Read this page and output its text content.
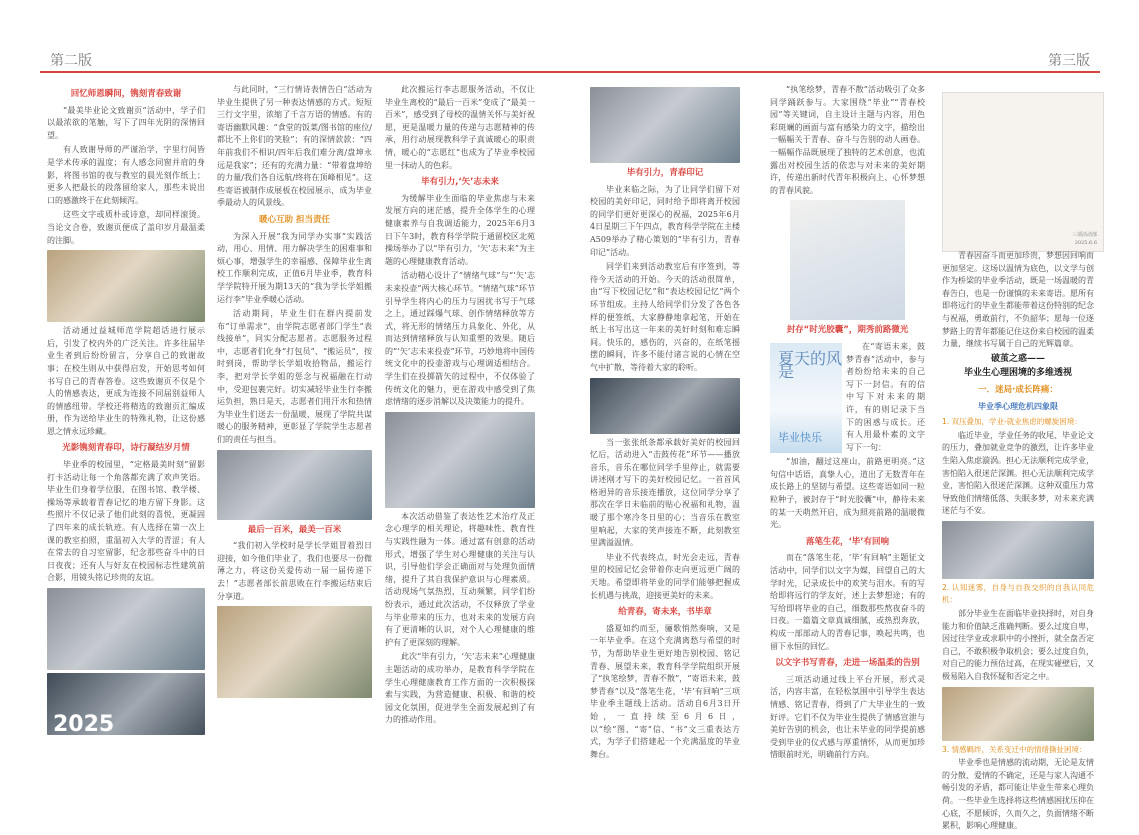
第二版	第三版
回忆师恩瞬间，镌刻青春致谢

“最美毕业论文致谢页”活动中，学子们以最浓欲的笔触，写下了四年光阴的深情回望。

有人致谢导师的严谨治学，字里行间皆是学术传承的温度；有人感念同窗并肩的身影，将图书馆的夜与教室的晨光刻作纸上；更多人把最长的段落留给家人，那些未说出口的感激终于在此刻倾泻。

这些文字或质朴或诗意，却同样滚烫。当论文合卷，致谢页便成了盖印岁月最温柔的注脚。

活动通过益城师范学院超话进行展示后，引发了校内外的广泛关注。许多往届毕业生者到后纷纷留言，分享自己的致谢故事；在校生则从中获得启发，开始思考如何书写自己的青春答卷。这些致谢页不仅是个人的情感表达，更成为连接不同届别益师人的情感纽带。学校还将精选的致谢页汇编成册，作为送给毕业生的特殊礼物，让这份感恩之情永远珍藏。

光影镌刻青春印，诗行凝结岁月情

毕业季的校园里，“定格最美时刻”留影打卡活动让每一个角落都充满了欢声笑语。毕业生们身着学位服，在图书馆、教学楼、操场等承载着青春记忆的地方留下身影。这些照片不仅记录了他们此刻的喜悦，更凝固了四年来的成长轨迹。有人选择在第一次上课的教室拍照，重温初入大学的青涩；有人在常去的自习室留影，纪念那些奋斗中的日日夜夜；还有人与好友在校园标志性建筑前合影，用镜头铭记珍贵的友谊。

2025

与此同时，“三行情诗表情告白”活动为毕业生提供了另一种表达情感的方式。短短三行文字里，浓缩了千言万语的情感。有的寄语幽默风趣：“食堂的饭菜/图书馆的座位/都比不上你们的笑脸”；有的深情款款：“四年前我们不相识/四年后我们难分离/盘坤永远是我家”；还有的充满力量：“带着盘坤给的力量/我们各自远航/终将在顶峰相见”。这些寄语被制作成展板在校园展示，成为毕业季最动人的风景线。

暖心互助 担当责任

为深入开展“我为同学办实事”实践活动，用心、用情、用力解决学生的困难事和烦心事，增强学生的幸福感、保障毕业生离校工作顺利完成，正值6月毕业季，教育科学学院特开展为期13天的“我为学长学姐搬运行李”毕业季暖心活动。

活动期间，毕业生们在群内提前发布“订单需求”，由学院志愿者部门学生“表线接单”，同实分配志愿者。志愿服务过程中，志愿者们化身“打包员”、“搬运员”，按时到岗，帮助学长学姐收拾物品，搬运行李，把对学长学姐的惩念与祝福融在行动中，受迎包裹完好。切实减轻毕业生行李搬运负担，熟日是天，志愿者们用汗水和热情为毕业生们送去一份温暖，展现了学院共谋暖心的服务精神，更彰显了学院学生志愿者们的责任与担当。

最后一百米，最美一百米

“我们初入学校时是学长学姐冒着烈日迎接，如今他们毕业了，我们也要尽一份微薄之力，将这份关爱传动一届一届传递下去！”志愿者部长前思败在行李搬运结束后分享道。

此次搬运行李志愿服务活动，不仅让毕业生离校的“最后一百米”变成了“最美一百米”，感受到了母校的温情关怀与美好祝愿，更是温暖力量的传递与志愿精神的传承，用行动展现教科学子真诚暖心的职责情，暖心的“志愿红”也成为了毕业季校园里一抹动人的色彩。

毕有引力,‘矢’志未来

为缓解毕业生面临的毕业焦虑与未来发展方向的迷茫感，提升全体学生的心理健康素养与自我调适能力，2025年6月3日下午3时，教育科学学院于通留校区北苑操场举办了以“毕有引力，‘矢’志未来”为主题的心理健康教育活动。

活动精心设计了“情绪气球”与“‘矢’志未来投壶”两大核心环节。“情绪气球”环节引导学生将内心的压力与困扰书写于气球之上，通过踩爆气球、创作情绪释放等方式，将无形的情绪压力具象化、外化，从而达到情绪释放与认知重塑的效果。随后的“‘矢’志未来投壶”环节，巧妙地将中国传统文化中的投壶游戏与心理调适相结合。学生们在投掷箭矢的过程中，不仅体验了传统文化的魅力，更在游戏中感受到了焦虑情绪的逐步消解以及决策能力的提升。

本次活动借鉴了表达性艺术治疗及正念心理学的相关理论，将趣味性、教育性与实践性融为一体。通过富有创意的活动形式，增强了学生对心理健康的关注与认识，引导他们学会正确面对与处理负面情绪，提升了其自我保护意识与心理素质。活动现场气氛热烈，互动频繁，同学们纷纷表示，通过此次活动，不仅释放了学业与毕业带来的压力，也对未来的发展方向有了更清晰的认识，对个人心理健康的维护有了更深刻的理解。

此次“毕有引力，‘矢’志未来”心理健康主题活动的成功举办，是教育科学学院在学生心理健康教育工作方面的一次积极探索与实践，为营造健康、积极、和谐的校园文化氛围，促进学生全面发展起到了有力的推动作用。

毕有引力，青春印记

毕业来临之际，为了让同学们留下对校园的美好印记，同时给予即将离开校园的同学们更好更深心的祝福，2025年6月4日星期三下午四点，教育科学学院在主楼A509举办了精心策划的“毕有引力，青春印记”活动。

同学们来到活动教室后有序签到，等待今天活动的开始。今天的活动很简单，由“写下校园记忆”和“表达校园记忆”两个环节组成。主持人给同学们分发了各色各样的便签纸，大家静静地拿起笔，开始在纸上书写出这一年来的美好时刻和难忘瞬间。快乐的，感伤的，兴奋的，在纸笔摇摆的瞬间，许多不能付诸言说的心情在空气中扩散，等待着大家的聆听。

当一张张纸条都承载好美好的校园回忆后，活动进入“击鼓传花”环节——播放音乐，音乐在哪位同学手里停止，就需要讲述刚才写下的美好校园记忆。一首首风格迥异的音乐接连播放，这位同学分享了那次在学日未临前的贴心祝福和礼物，温暖了那个寒冷冬日里的心；当音乐在教室里响起，大家的笑声接连不断，此刻教室里满溢温情。

毕业不代表终点，时光会走远，青春里的校园记忆会带着你走向更远更广阔的天地。希望即将毕业的同学们能够把握成长机遇与挑战，迎接更美好的未来。

给青春，寄未来，书毕章

盛夏如约而至，骊歌悄然奏响，又是一年毕业季。在这个充满离愁与希望的时节，为帮助毕业生更好地告别校园、铭记青春、展望未来，教育科学学院组织开展了“执笔绘梦，青春不散”，“寄语未来，鼓梦青春”以及“落笔生花，‘毕’有回响”三项毕业季主题线上活动。活动自6月3日开始，一直持续至6月6日，以“绘”图、“寄”信、“书”文三重表达方式，为学子们搭建起一个充满温度的毕业舞台。

“执笔绘梦，青春不散”活动吸引了众多同学踊跃参与。大家围绕“毕业”“青春校园”等关键词，自主设计主题与内容，用色彩斑斓的画面与富有感染力的文字，描绘出一幅幅关于青春、奋斗与告别的动人画卷。一幅幅作品既展现了独特的艺术创意，也流露出对校园生活的依恋与对未来的美好期许，传递出新时代青年积极向上、心怀梦想的青春风貌。

封存“时光胶囊”，期秀前路微光
夏天的风是
毕业快乐

在“寄语未来，鼓梦青春”活动中，参与者纷纷给未来的自己写下一封信。有的信中写下对未来的期许，有的则记录下当下的困惑与成长。还有人用最朴素的文字写下一句：

“加油，翻过这座山，前路更明亮。”这句信中话语，真挚人心，道出了无数青年在成长路上的坚韧与希望。这些寄语如同一粒粒种子，被封存于“时光胶囊”中，静待未来的某一天萌然开启，成为照亮前路的温暖微光。

落笔生花，‘毕’有回响

而在“落笔生花，‘毕’有回响”主题征文活动中，同学们以文字为媒，回望自己的大学时光，记录成长中的欢笑与泪水。有的写给即将远行的学友好，述上去梦想途；有的写给即将毕业的自己，细数那些熬夜奋斗的日夜。一篇篇文章真诚细腻，或热烈奔放，构成一部部动人的青春记事，唤起共鸣，也留下永恒的回忆。

以文字书写青春，走进一场温柔的告别

三项活动通过线上平台开展，形式灵活，内容丰富，在轻松氛围中引导学生表达情感、铭记青春，得到了广大毕业生的一致好评。它们不仅为毕业生提供了情感宣泄与美好告别的机会，也让未毕业的同学提前感受到毕业的仪式感与厚重情怀，从而更加珍惜眼前时光，明确前行方向。

三项活动部
2025.6.6

青春因奋斗而更加珍贵，梦想因回响而更加坚定。这场以温情为底色，以文学与创作为桥梁的毕业季活动，既是一场温暖的青春告白，也是一份谨慎的未来寄语。愿所有即将远行的毕业生都能带着这份特别的纪念与祝福，勇敢前行，不负韶华；愿每一位逐梦路上的青年都能记住这份来自校园的温柔力量，继续书写属于自己的光辉篇章。

破茧之惑——
毕业生心理困境的多维透视
一．迷局·成长阵痛：
毕业季心理危机四象限
1. 双压叠加，学业-就业焦虑的螺旋困境：

临近毕业，学业任务的收尾、毕业论文的压力，叠加就业竞争的激烈，让许多毕业生陷入焦虑漩涡。担心无法顺利完成学业，害怕陷入很迷茫深渊。担心无法顺利完成学业，害怕陷入很迷茫深渊。这种双重压力常导致他们情绪低落、失眠多梦，对未来充满迷茫与不安。

2. 认知迷雾，自身与自我交织的自我认同危机：

部分毕业生在面临毕业抉择时，对自身能力和价值缺乏准确判断。要么过度自卑，因过往学业或求职中的小挫折，就全盘否定自己，不敢积极争取机会；要么过度自负，对自己的能力预估过高，在现实碰壁后，又极易陷入自我怀疑和否定之中。

3. 情感羁绊，关系变迁中的情绪撕扯困境：

毕业季也是情感的流动期，无论是友情的分散、爱情的不确定，还是与家人沟通不畅引发的矛盾，都可能让毕业生带来心理负荷。一些毕业生选择将这些情感困扰压抑在心底，不愿倾诉，久而久之，负面情绪不断累积，影响心理健康。
